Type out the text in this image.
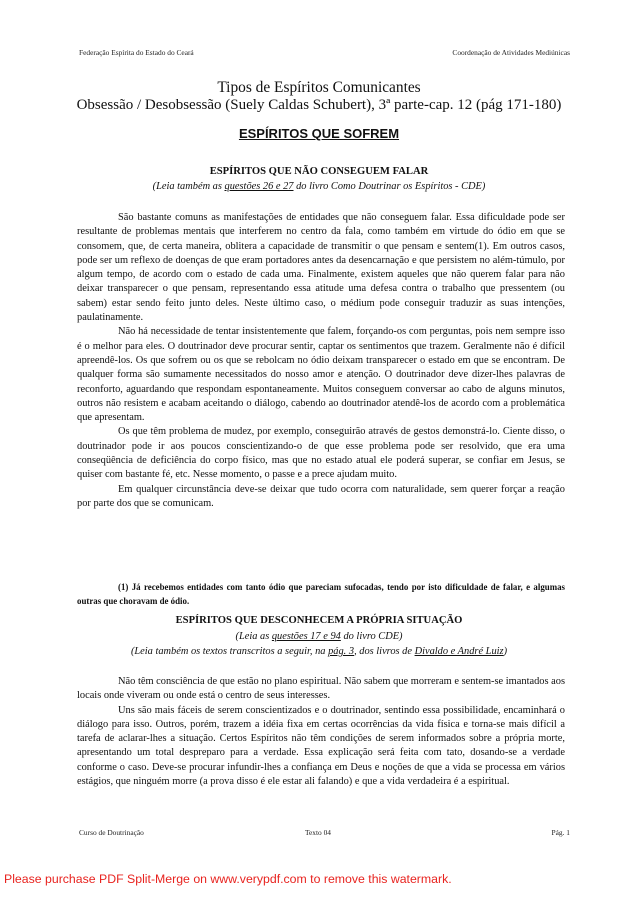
Federação Espírita do Estado do Ceará	Coordenação de Atividades Mediúnicas
Tipos de Espíritos Comunicantes
Obsessão / Desobsessão (Suely Caldas Schubert), 3ª parte-cap. 12 (pág 171-180)
ESPÍRITOS QUE SOFREM
ESPÍRITOS QUE NÃO CONSEGUEM FALAR
(Leia também as questões 26 e 27 do livro Como Doutrinar os Espíritos - CDE)

São bastante comuns as manifestações de entidades que não conseguem falar. Essa dificuldade pode ser resultante de problemas mentais que interferem no centro da fala, como também em virtude do ódio em que se consomem, que, de certa maneira, oblitera a capacidade de transmitir o que pensam e sentem(1). Em outros casos, pode ser um reflexo de doenças de que eram portadores antes da desencarnação e que persistem no além-túmulo, por algum tempo, de acordo com o estado de cada uma. Finalmente, existem aqueles que não querem falar para não deixar transparecer o que pensam, representando essa atitude uma defesa contra o trabalho que pressentem (ou sabem) estar sendo feito junto deles. Neste último caso, o médium pode conseguir traduzir as suas intenções, paulatinamente.

Não há necessidade de tentar insistentemente que falem, forçando-os com perguntas, pois nem sempre isso é o melhor para eles. O doutrinador deve procurar sentir, captar os sentimentos que trazem. Geralmente não é difícil apreendê-los. Os que sofrem ou os que se rebolcam no ódio deixam transparecer o estado em que se encontram. De qualquer forma são sumamente necessitados do nosso amor e atenção. O doutrinador deve dizer-lhes palavras de reconforto, aguardando que respondam espontaneamente. Muitos conseguem conversar ao cabo de alguns minutos, outros não resistem e acabam aceitando o diálogo, cabendo ao doutrinador atendê-los de acordo com a problemática que apresentam.

Os que têm problema de mudez, por exemplo, conseguirão através de gestos demonstrá-lo. Ciente disso, o doutrinador pode ir aos poucos conscientizando-o de que esse problema pode ser resolvido, que era uma conseqüência de deficiência do corpo físico, mas que no estado atual ele poderá superar, se confiar em Jesus, se quiser com bastante fé, etc. Nesse momento, o passe e a prece ajudam muito.

Em qualquer circunstância deve-se deixar que tudo ocorra com naturalidade, sem querer forçar a reação por parte dos que se comunicam.

(1) Já recebemos entidades com tanto ódio que pareciam sufocadas, tendo por isto dificuldade de falar, e algumas outras que choravam de ódio.
ESPÍRITOS QUE DESCONHECEM A PRÓPRIA SITUAÇÃO
(Leia as questões 17 e 94 do livro CDE)
(Leia também os textos transcritos a seguir, na pág. 3, dos livros de Divaldo e André Luiz)

Não têm consciência de que estão no plano espiritual. Não sabem que morreram e sentem-se imantados aos locais onde viveram ou onde está o centro de seus interesses.

Uns são mais fáceis de serem conscientizados e o doutrinador, sentindo essa possibilidade, encaminhará o diálogo para isso. Outros, porém, trazem a idéia fixa em certas ocorrências da vida física e torna-se mais difícil a tarefa de aclarar-lhes a situação. Certos Espíritos não têm condições de serem informados sobre a própria morte, apresentando um total despreparo para a verdade. Essa explicação será feita com tato, dosando-se a verdade conforme o caso. Deve-se procurar infundir-lhes a confiança em Deus e noções de que a vida se processa em vários estágios, que ninguém morre (a prova disso é ele estar ali falando) e que a vida verdadeira é a espiritual.

Curso de Doutrinação	Texto 04	Pág. 1
Please purchase PDF Split-Merge on www.verypdf.com to remove this watermark.
